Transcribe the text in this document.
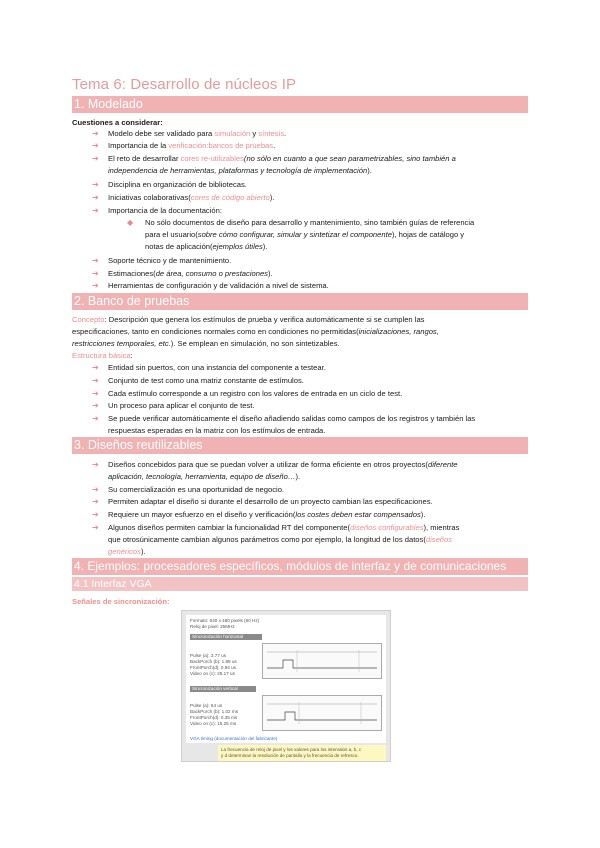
Tema 6: Desarrollo de núcleos IP
1. Modelado
Cuestiones a considerar:
➔ Modelo debe ser validado para simulación y síntesis.
➔ Importancia de la verificación:bancos de pruebas.
➔ El reto de desarrollar cores re-utilizables(no sólo en cuanto a que sean parametrizables, sino también a
independencia de herramientas, plataformas y tecnología de implementación).
➔ Disciplina en organización de bibliotecas.
➔ Iniciativas colaborativas(cores de código abierto).
➔ Importancia de la documentación:
◆ No sólo documentos de diseño para desarrollo y mantenimiento, sino también guías de referencia
para el usuario(sobre cómo configurar, simular y sintetizar el componente), hojas de catálogo y
notas de aplicación(ejemplos útiles).
➔ Soporte técnico y de mantenimiento.
➔ Estimaciones(de área, consumo o prestaciones).
➔ Herramientas de configuración y de validación a nivel de sistema.
2. Banco de pruebas
Concepto: Descripción que genera los estímulos de prueba y verifica automáticamente si se cumplen las
especificaciones, tanto en condiciones normales como en condiciones no permitidas(inicializaciones, rangos,
restricciones temporales, etc.). Se emplean en simulación, no son sintetizables.
Estructura básica:
➔ Entidad sin puertos, con una instancia del componente a testear.
➔ Conjunto de test como una matriz constante de estímulos.
➔ Cada estímulo corresponde a un registro con los valores de entrada en un ciclo de test.
➔ Un proceso para aplicar el conjunto de test.
➔ Se puede verificar automáticamente el diseño añadiendo salidas como campos de los registros y también las
respuestas esperadas en la matriz con los estímulos de entrada.
3. Diseños reutilizables
➔ Diseños concebidos para que se puedan volver a utilizar de forma eficiente en otros proyectos(diferente
aplicación, tecnología, herramienta, equipo de diseño…).
➔ Su comercialización es una oportunidad de negocio.
➔ Permiten adaptar el diseño si durante el desarrollo de un proyecto cambian las especificaciones.
➔ Requiere un mayor esfuerzo en el diseño y verificación(los costes deben estar compensados).
➔ Algunos diseños permiten cambiar la funcionalidad RT del componente(diseños configurables), mientras
que otrosúnicamente cambian algunos parámetros como por ejemplo, la longitud de los datos(diseños
genéricos).
4. Ejemplos: procesadores específicos, módulos de interfaz y de comunicaciones
4.1 Interfaz VGA
Señales de sincronización:
Formato: 640 x 480 pixels (60 Hz)
Reloj de pixel: 25MHz
Sincronización horizontal
Pulse (a): 3.77 us
BackPorch (b): 1.89 us
FrontPorch(d): 0.94 us
Video on (c): 25.17 us
Sincronización vertical
Pulse (a): 64 us
BackPorch (b): 1.02 ms
FrontPorch(d): 0.35 ms
Video on (c): 15.25 ms
VGA timing (documentación del fabricante)
La frecuencia de reloj de pixel y los valores para los intervalos a, b, c
y d determinan la resolución de pantalla y la frecuencia de refresco.
